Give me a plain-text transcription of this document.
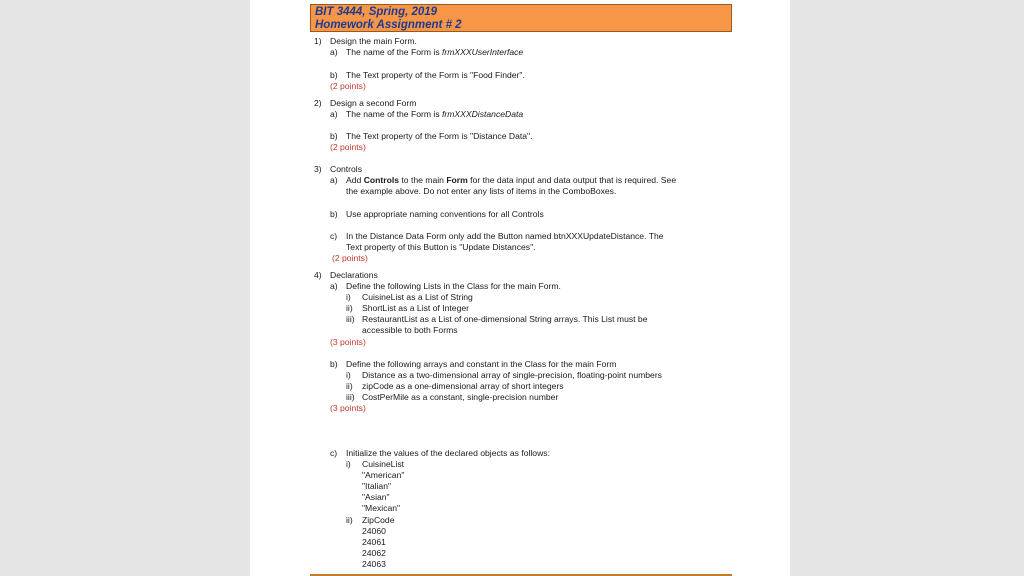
BIT 3444, Spring, 2019
Homework Assignment # 2
1) Design the main Form.
a) The name of the Form is frmXXXUserInterface
b) The Text property of the Form is "Food Finder".
(2 points)
2) Design a second Form
a) The name of the Form is frmXXXDistanceData
b) The Text property of the Form is "Distance Data".
(2 points)
3) Controls
a) Add Controls to the main Form for the data input and data output that is required. See
the example above. Do not enter any lists of items in the ComboBoxes.
b) Use appropriate naming conventions for all Controls
c) In the Distance Data Form only add the Button named btnXXXUpdateDistance. The
Text property of this Button is "Update Distances".
(2 points)
4) Declarations
a) Define the following Lists in the Class for the main Form.
i) CuisineList as a List of String
ii) ShortList as a List of Integer
iii) RestaurantList as a List of one-dimensional String arrays. This List must be
accessible to both Forms
(3 points)
b) Define the following arrays and constant in the Class for the main Form
i) Distance as a two-dimensional array of single-precision, floating-point numbers
ii) zipCode as a one-dimensional array of short integers
iii) CostPerMile as a constant, single-precision number
(3 points)
c) Initialize the values of the declared objects as follows:
i) CuisineList
"American"
"Italian"
"Asian"
"Mexican"
ii) ZipCode
24060
24061
24062
24063
